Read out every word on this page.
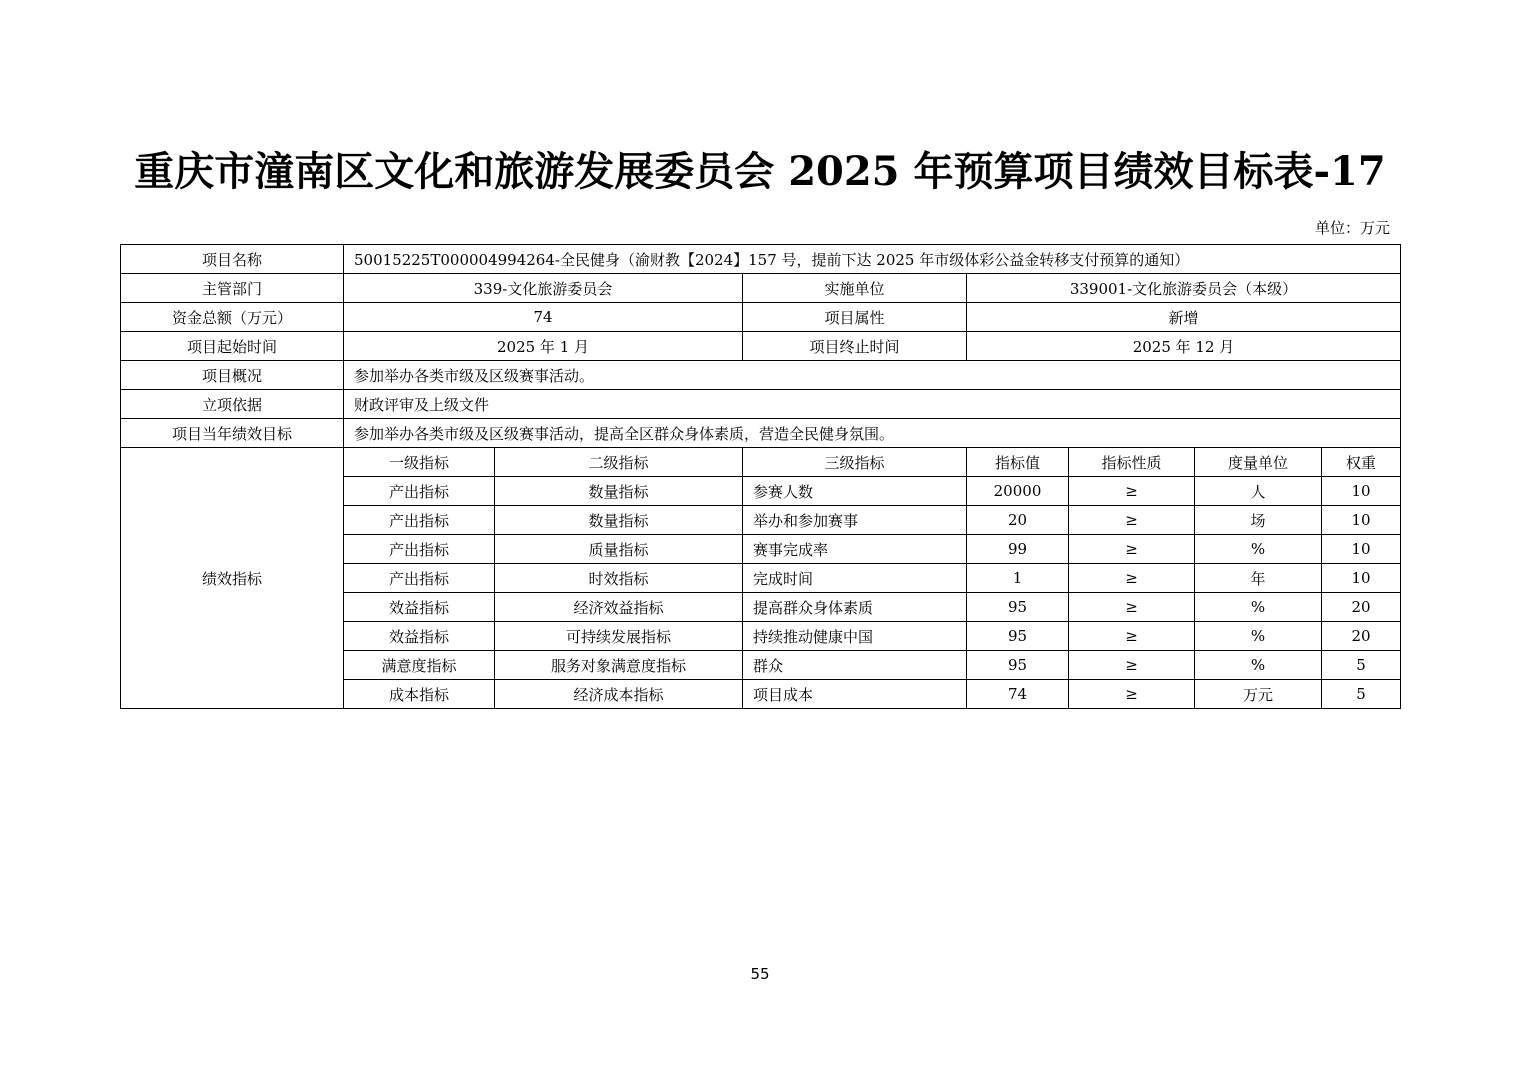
重庆市潼南区文化和旅游发展委员会 2025 年预算项目绩效目标表-17
单位：万元
项目名称	50015225T000004994264-全民健身（渝财教【2024】157 号，提前下达 2025 年市级体彩公益金转移支付预算的通知）						
主管部门	339-文化旅游委员会		实施单位	339001-文化旅游委员会（本级）			
资金总额（万元）	74		项目属性	新增			
项目起始时间	2025 年 1 月		项目终止时间	2025 年 12 月			
项目概况	参加举办各类市级及区级赛事活动。						
立项依据	财政评审及上级文件						
项目当年绩效目标	参加举办各类市级及区级赛事活动，提高全区群众身体素质，营造全民健身氛围。						
绩效指标	一级指标	二级指标	三级指标	指标值	指标性质	度量单位	权重
	产出指标	数量指标	参赛人数	20000	≥	人	10
	产出指标	数量指标	举办和参加赛事	20	≥	场	10
	产出指标	质量指标	赛事完成率	99	≥	%	10
	产出指标	时效指标	完成时间	1	≥	年	10
	效益指标	经济效益指标	提高群众身体素质	95	≥	%	20
	效益指标	可持续发展指标	持续推动健康中国	95	≥	%	20
	满意度指标	服务对象满意度指标	群众	95	≥	%	5
	成本指标	经济成本指标	项目成本	74	≥	万元	5
55
